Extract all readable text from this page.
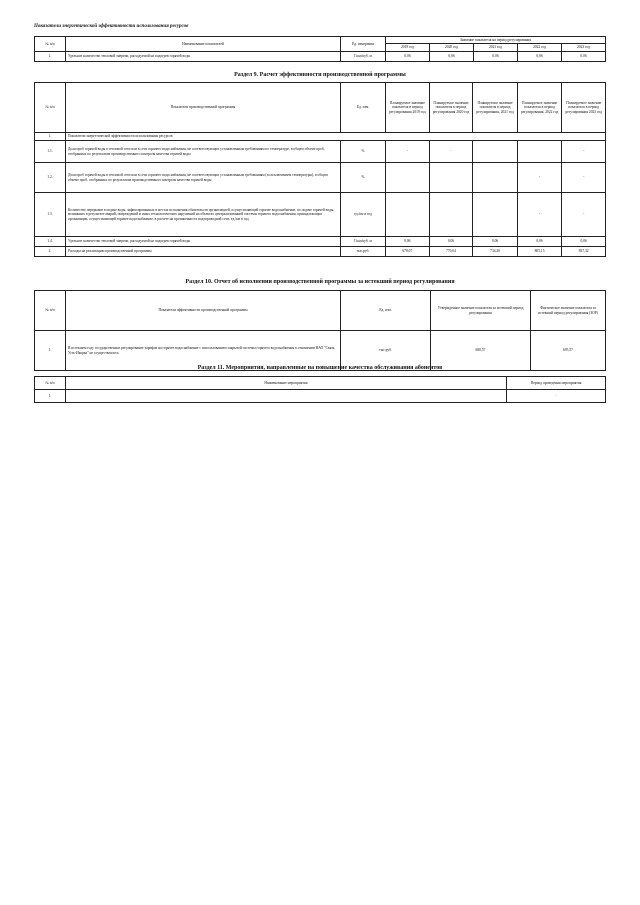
Показатели энергетической эффективности использования ресурсов
№ п/п	Наименование показателей	Ед. измерения	Значение показателя на период регулирования				
			2019 год	2020 год	2021 год	2022 год	2023 год
1.	Удельное количество тепловой энергии, расходуемой на подогрев горячей воды	Гкал/куб. м	0,06	0,06	0,06	0,06	0,06
Раздел 9. Расчет эффективности производственной программы
№ п/п	Показатели производственной программы	Ед. изм.	Планируемое значение показателя в период регулирования 2019 год	Планируемое значение показателя в период регулирования 2020 год	Планируемое значение показателя в период регулирования, 2021 год	Планируемое значение показателя в период регулирования, 2022 год	Планируемое значение показателя в период регулирования 2023 год
1.	Показатели энергетической эффективности использования ресурсов						
1.1.	Доля проб горячей воды в тепловой сети или в сети горячего водоснабжения, не соответствующих установленным требованиям по температуре, в общем объеме проб, отобранных по результатам производственного контроля качества горячей воды	%	-	-			-
1.2.	Доля проб горячей воды в тепловой сети или в сети горячего водоснабжения, не соответствующих установленным требованиям (за исключением температуры), в общем объеме проб, отобранных по результатам производственного контроля качества горячей воды	%				-	-
1.3.	Количество перерывов в подаче воды, зафиксированных в местах исполнения обязательств организацией, осуществляющей горячее водоснабжение, по подаче горячей воды, возникших в результате аварий, повреждений и иных технологических нарушений на объектах централизованной системы горячего водоснабжения, принадлежащих организации, осуществляющей горячее водоснабжение, в расчете на протяженность водопроводной сети, ед./км в год	ед./км в год				-	-
1.4.	Удельное количество тепловой энергии, расходуемой на подогрев горячей воды	Гкал/куб. м	0,06	0,06	0,06	0,06	0,06
2.	Расходы на реализацию производственной программы	тыс.руб.	678,07	770,04	734,20	805,15	837,32
Раздел 10. Отчет об исполнении производственной программы за истекший период регулирования
№ п/п	Показатели эффективности производственной программы	Ед. изм.	Утвержденное значение показателя за истекший период регулирования	Фактическое значение показателя за истекший период регулирования (ЗОР)
1.	В истекшем году государственное регулирование тарифов на горячее водоснабжение с использованием закрытой системы горячего водоснабжения в отношении НАО "Связь Усть-Икорка" не осуществлялось	тыс.руб.	680,57	695,57
Раздел 11. Мероприятия, направленные на повышение качества обслуживания абонентов
№ п/п	Наименование мероприятия	Период проведения мероприятия
1.		-
